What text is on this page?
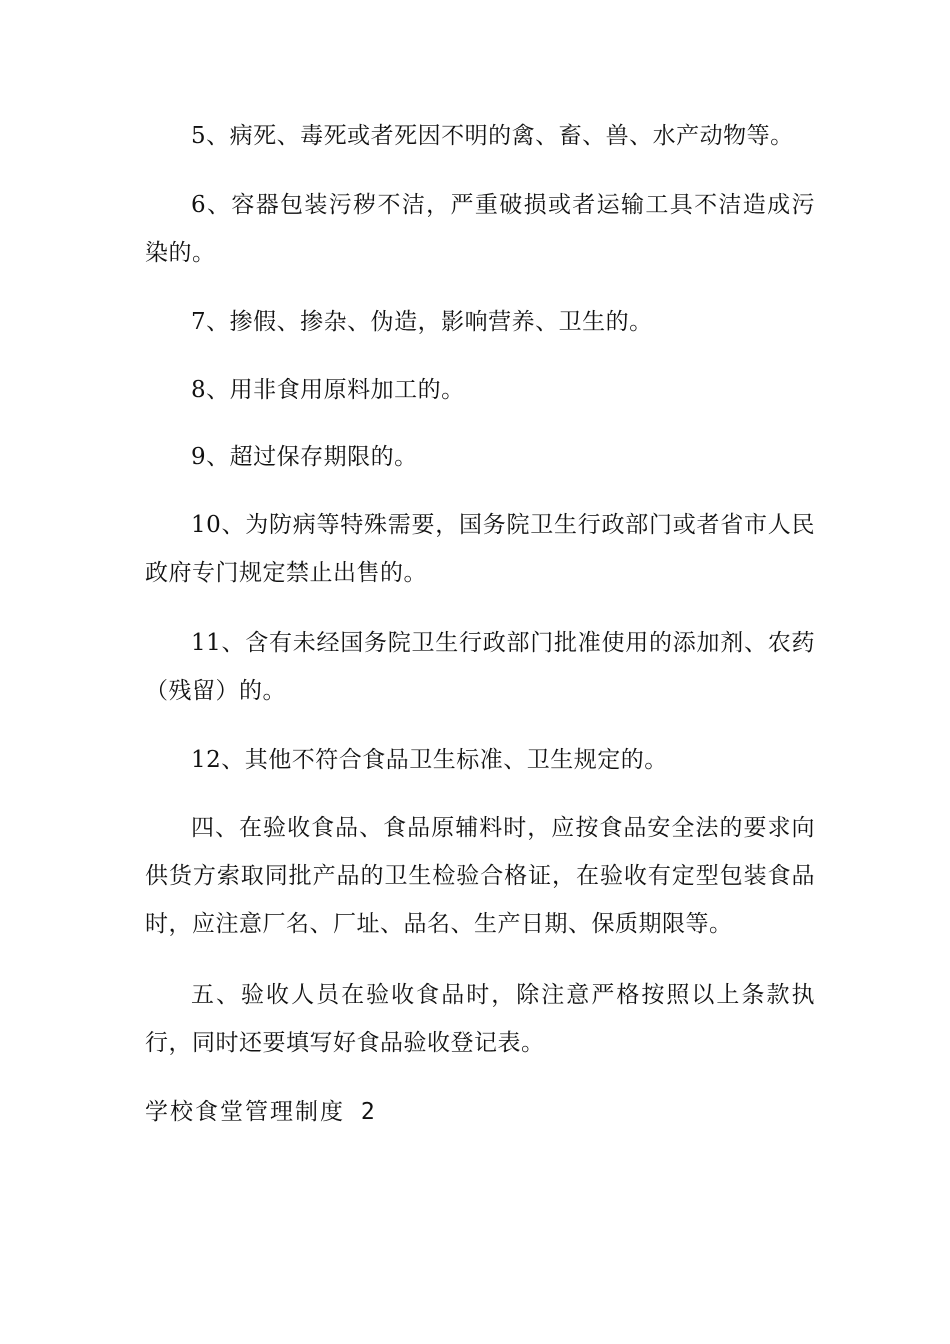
5、病死、毒死或者死因不明的禽、畜、兽、水产动物等。

6、容器包装污秽不洁，严重破损或者运输工具不洁造成污染的。

7、掺假、掺杂、伪造，影响营养、卫生的。

8、用非食用原料加工的。

9、超过保存期限的。

10、为防病等特殊需要，国务院卫生行政部门或者省市人民政府专门规定禁止出售的。

11、含有未经国务院卫生行政部门批准使用的添加剂、农药（残留）的。

12、其他不符合食品卫生标准、卫生规定的。

四、在验收食品、食品原辅料时，应按食品安全法的要求向供货方索取同批产品的卫生检验合格证，在验收有定型包装食品时，应注意厂名、厂址、品名、生产日期、保质期限等。

五、验收人员在验收食品时，除注意严格按照以上条款执行，同时还要填写好食品验收登记表。

学校食堂管理制度 2
